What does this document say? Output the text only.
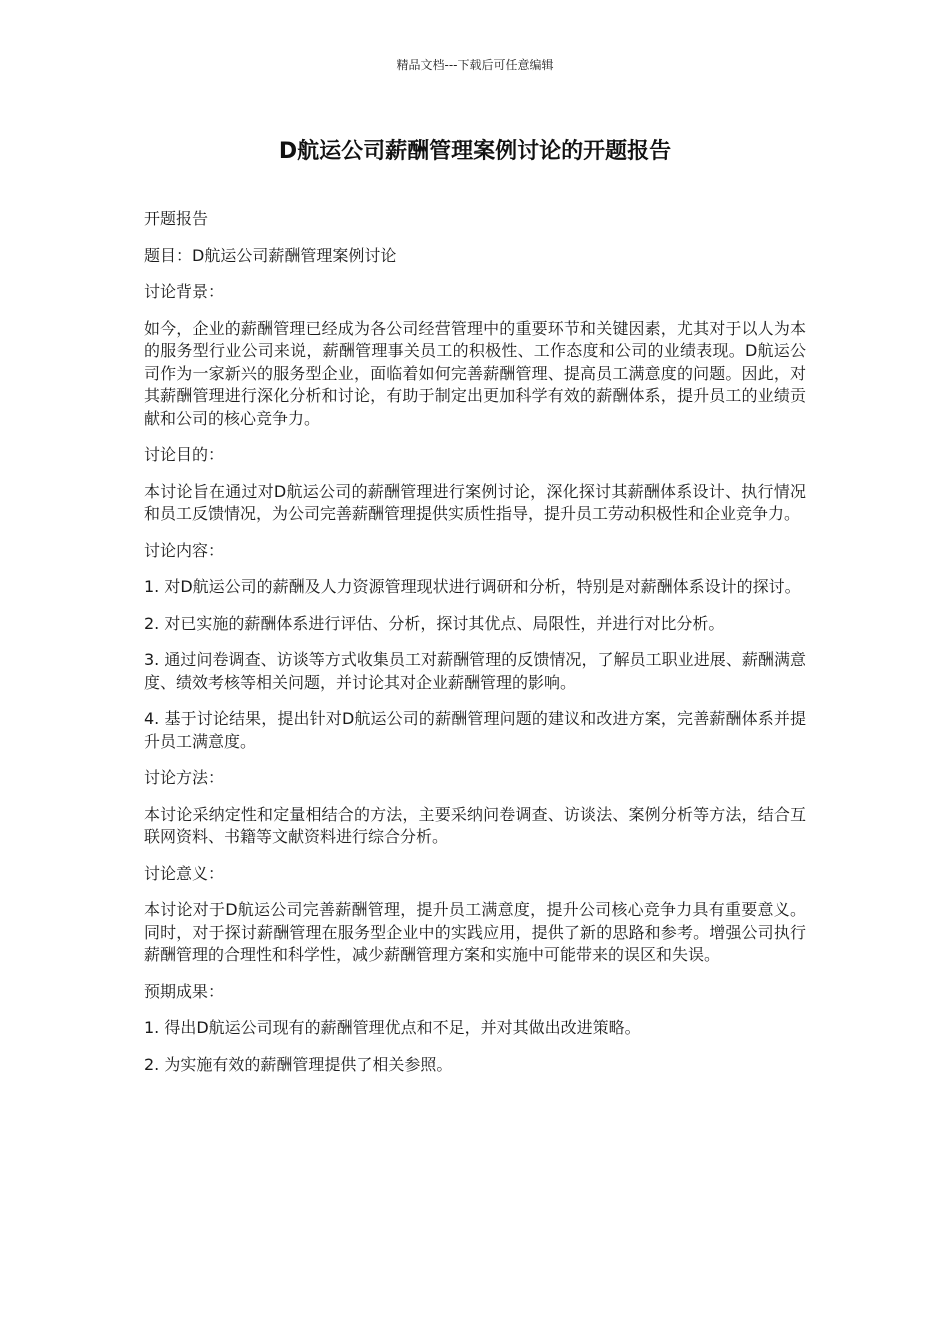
精品文档---下载后可任意编辑
D航运公司薪酬管理案例讨论的开题报告

开题报告

题目：D航运公司薪酬管理案例讨论

讨论背景：

如今，企业的薪酬管理已经成为各公司经营管理中的重要环节和关键因素，尤其对于以人为本的服务型行业公司来说，薪酬管理事关员工的积极性、工作态度和公司的业绩表现。D航运公司作为一家新兴的服务型企业，面临着如何完善薪酬管理、提高员工满意度的问题。因此，对其薪酬管理进行深化分析和讨论，有助于制定出更加科学有效的薪酬体系，提升员工的业绩贡献和公司的核心竞争力。

讨论目的：

本讨论旨在通过对D航运公司的薪酬管理进行案例讨论，深化探讨其薪酬体系设计、执行情况和员工反馈情况，为公司完善薪酬管理提供实质性指导，提升员工劳动积极性和企业竞争力。

讨论内容：

1. 对D航运公司的薪酬及人力资源管理现状进行调研和分析，特别是对薪酬体系设计的探讨。

2. 对已实施的薪酬体系进行评估、分析，探讨其优点、局限性，并进行对比分析。

3. 通过问卷调查、访谈等方式收集员工对薪酬管理的反馈情况，了解员工职业进展、薪酬满意度、绩效考核等相关问题，并讨论其对企业薪酬管理的影响。

4. 基于讨论结果，提出针对D航运公司的薪酬管理问题的建议和改进方案，完善薪酬体系并提升员工满意度。

讨论方法：

本讨论采纳定性和定量相结合的方法，主要采纳问卷调查、访谈法、案例分析等方法，结合互联网资料、书籍等文献资料进行综合分析。

讨论意义：

本讨论对于D航运公司完善薪酬管理，提升员工满意度，提升公司核心竞争力具有重要意义。同时，对于探讨薪酬管理在服务型企业中的实践应用，提供了新的思路和参考。增强公司执行薪酬管理的合理性和科学性，减少薪酬管理方案和实施中可能带来的误区和失误。

预期成果：

1. 得出D航运公司现有的薪酬管理优点和不足，并对其做出改进策略。

2. 为实施有效的薪酬管理提供了相关参照。
